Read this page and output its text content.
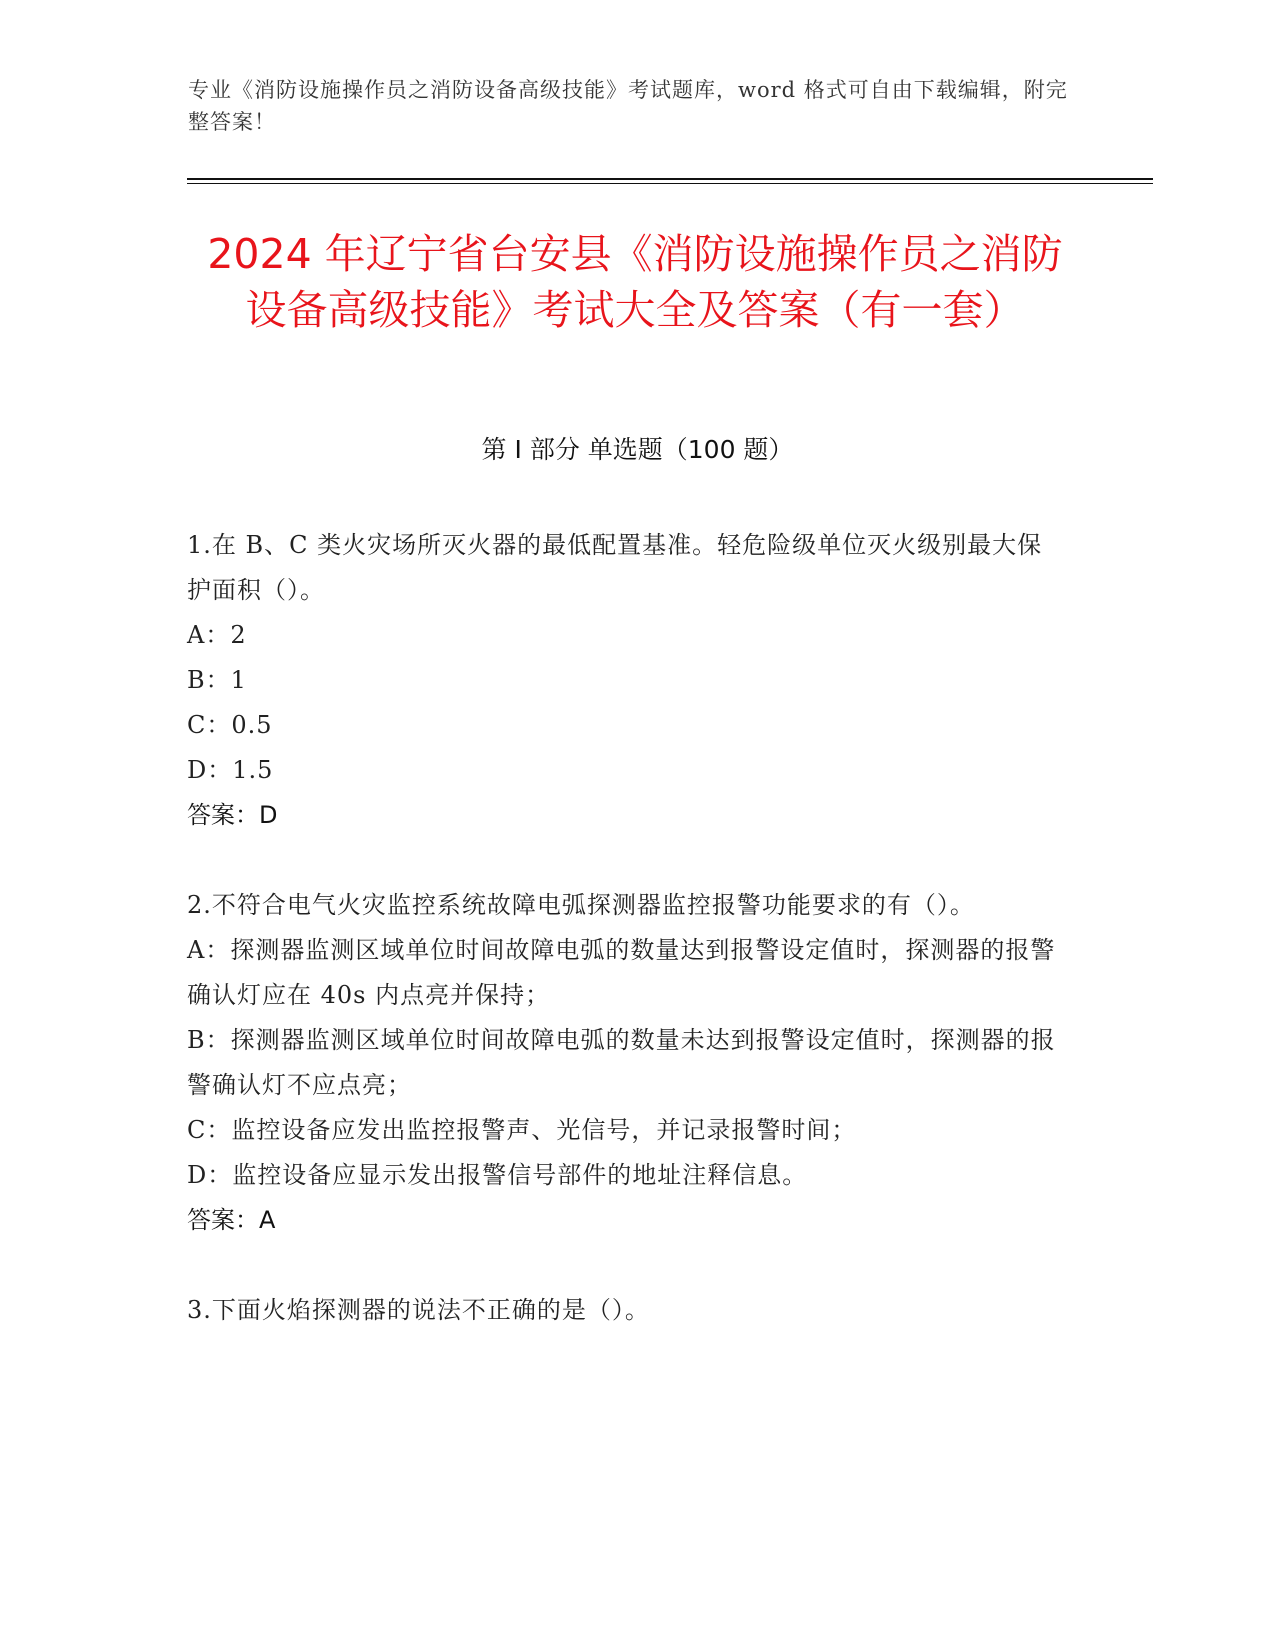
专业《消防设施操作员之消防设备高级技能》考试题库，word 格式可自由下载编辑，附完整答案！
2024 年辽宁省台安县《消防设施操作员之消防设备高级技能》考试大全及答案（有一套）
第 I 部分 单选题（100 题）
1.在 B、C 类火灾场所灭火器的最低配置基准。轻危险级单位灭火级别最大保护面积（）。
A：2
B：1
C：0.5
D：1.5
答案：D
2.不符合电气火灾监控系统故障电弧探测器监控报警功能要求的有（）。
A：探测器监测区域单位时间故障电弧的数量达到报警设定值时，探测器的报警确认灯应在 40s 内点亮并保持；
B：探测器监测区域单位时间故障电弧的数量未达到报警设定值时，探测器的报警确认灯不应点亮；
C：监控设备应发出监控报警声、光信号，并记录报警时间；
D：监控设备应显示发出报警信号部件的地址注释信息。
答案：A
3.下面火焰探测器的说法不正确的是（）。
